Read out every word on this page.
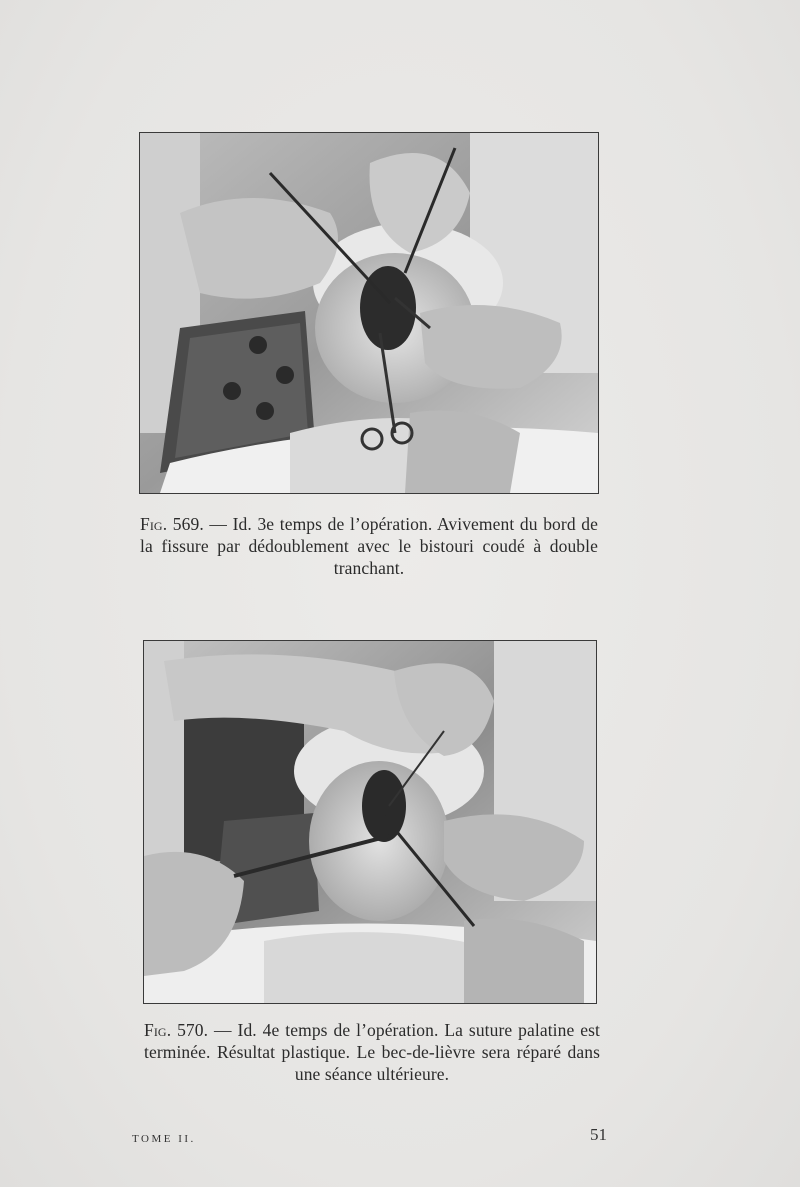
Fig. 569. — Id. 3e temps de l’opération. Avivement du bord de la fissure par dédoublement avec le bistouri coudé à double tranchant.
Fig. 570. — Id. 4e temps de l’opération. La suture palatine est terminée. Résultat plastique. Le bec-de-lièvre sera réparé dans une séance ultérieure.
TOME II.	51
